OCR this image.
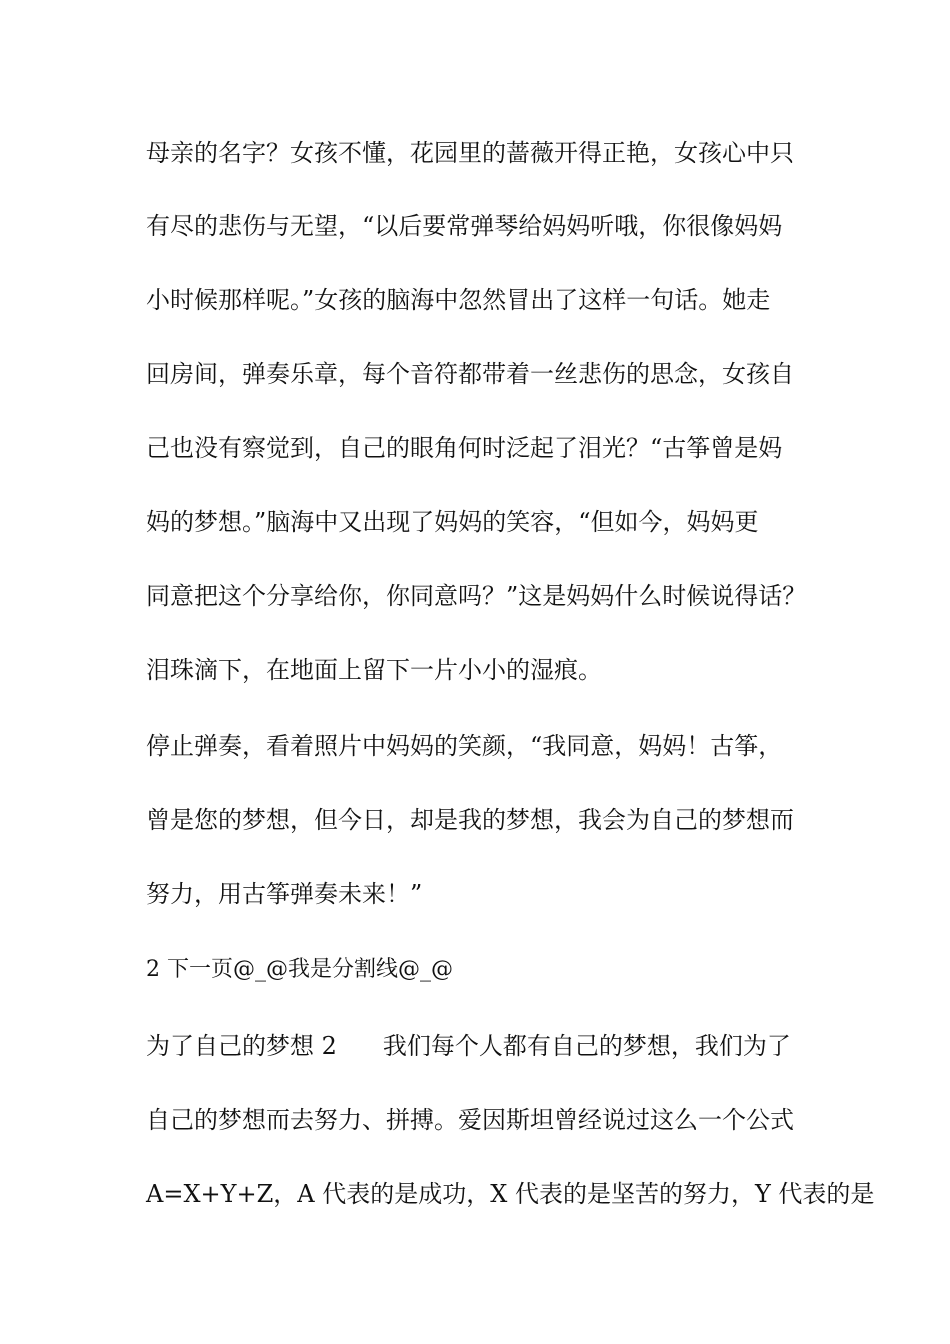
母亲的名字？女孩不懂，花园里的蔷薇开得正艳，女孩心中只
有尽的悲伤与无望，“以后要常弹琴给妈妈听哦，你很像妈妈
小时候那样呢。”女孩的脑海中忽然冒出了这样一句话。她走
回房间，弹奏乐章，每个音符都带着一丝悲伤的思念，女孩自
己也没有察觉到，自己的眼角何时泛起了泪光？“古筝曾是妈
妈的梦想。”脑海中又出现了妈妈的笑容，“但如今，妈妈更
同意把这个分享给你，你同意吗？”这是妈妈什么时候说得话？
泪珠滴下，在地面上留下一片小小的湿痕。
停止弹奏，看着照片中妈妈的笑颜，“我同意，妈妈！古筝，
曾是您的梦想，但今日，却是我的梦想，我会为自己的梦想而
努力，用古筝弹奏未来！”
2 下一页@_@我是分割线@_@
为了自己的梦想 2 我们每个人都有自己的梦想，我们为了
自己的梦想而去努力、拼搏。爱因斯坦曾经说过这么一个公式
A=X+Y+Z，A 代表的是成功，X 代表的是坚苦的努力，Y 代表的是
